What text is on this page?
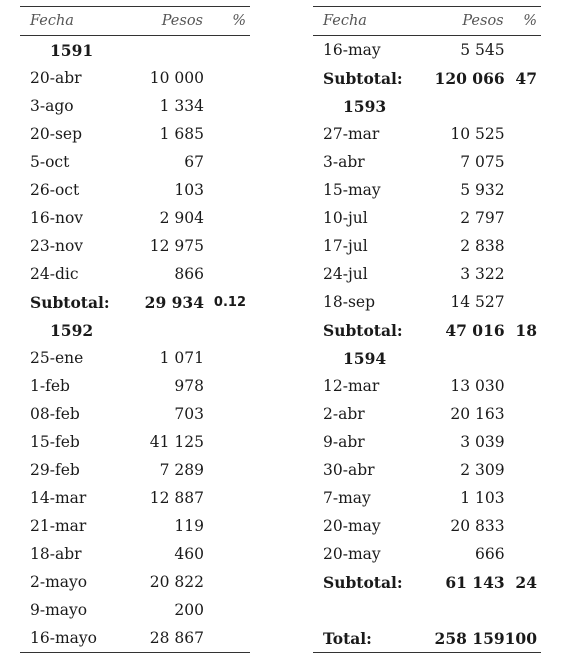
Fecha	Pesos	%
1591		
20-abr	10 000	
3-ago	1 334	
20-sep	1 685	
5-oct	67	
26-oct	103	
16-nov	2 904	
23-nov	12 975	
24-dic	866	
Subtotal:	29 934	0.12
1592		
25-ene	1 071	
1-feb	978	
08-feb	703	
15-feb	41 125	
29-feb	7 289	
14-mar	12 887	
21-mar	119	
18-abr	460	
2-mayo	20 822	
9-mayo	200	
16-mayo	28 867	
Fecha	Pesos	%
16-may	5 545	
Subtotal:	120 066	47
1593		
27-mar	10 525	
3-abr	7 075	
15-may	5 932	
10-jul	2 797	
17-jul	2 838	
24-jul	3 322	
18-sep	14 527	
Subtotal:	47 016	18
1594		
12-mar	13 030	
2-abr	20 163	
9-abr	3 039	
30-abr	2 309	
7-may	1 103	
20-may	20 833	
20-may	666	
Subtotal:	61 143	24

Total:	258 159	100
